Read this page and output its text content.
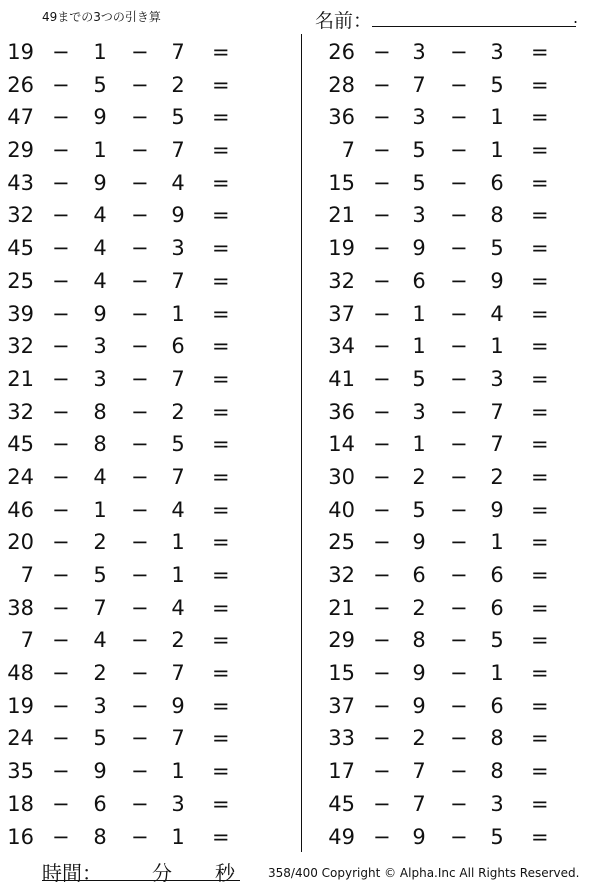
49までの3つの引き算	名前：	.
19 − 1 − 7 =
26 − 5 − 2 =
47 − 9 − 5 =
29 − 1 − 7 =
43 − 9 − 4 =
32 − 4 − 9 =
45 − 4 − 3 =
25 − 4 − 7 =
39 − 9 − 1 =
32 − 3 − 6 =
21 − 3 − 7 =
32 − 8 − 2 =
45 − 8 − 5 =
24 − 4 − 7 =
46 − 1 − 4 =
20 − 2 − 1 =
7 − 5 − 1 =
38 − 7 − 4 =
7 − 4 − 2 =
48 − 2 − 7 =
19 − 3 − 9 =
24 − 5 − 7 =
35 − 9 − 1 =
18 − 6 − 3 =
16 − 8 − 1 =
26 − 3 − 3 =
28 − 7 − 5 =
36 − 3 − 1 =
7 − 5 − 1 =
15 − 5 − 6 =
21 − 3 − 8 =
19 − 9 − 5 =
32 − 6 − 9 =
37 − 1 − 4 =
34 − 1 − 1 =
41 − 5 − 3 =
36 − 3 − 7 =
14 − 1 − 7 =
30 − 2 − 2 =
40 − 5 − 9 =
25 − 9 − 1 =
32 − 6 − 6 =
21 − 2 − 6 =
29 − 8 − 5 =
15 − 9 − 1 =
37 − 9 − 6 =
33 − 2 − 8 =
17 − 7 − 8 =
45 − 7 − 3 =
49 − 9 − 5 =
時間：	分 秒	358/400 Copyright © Alpha.Inc All Rights Reserved.
